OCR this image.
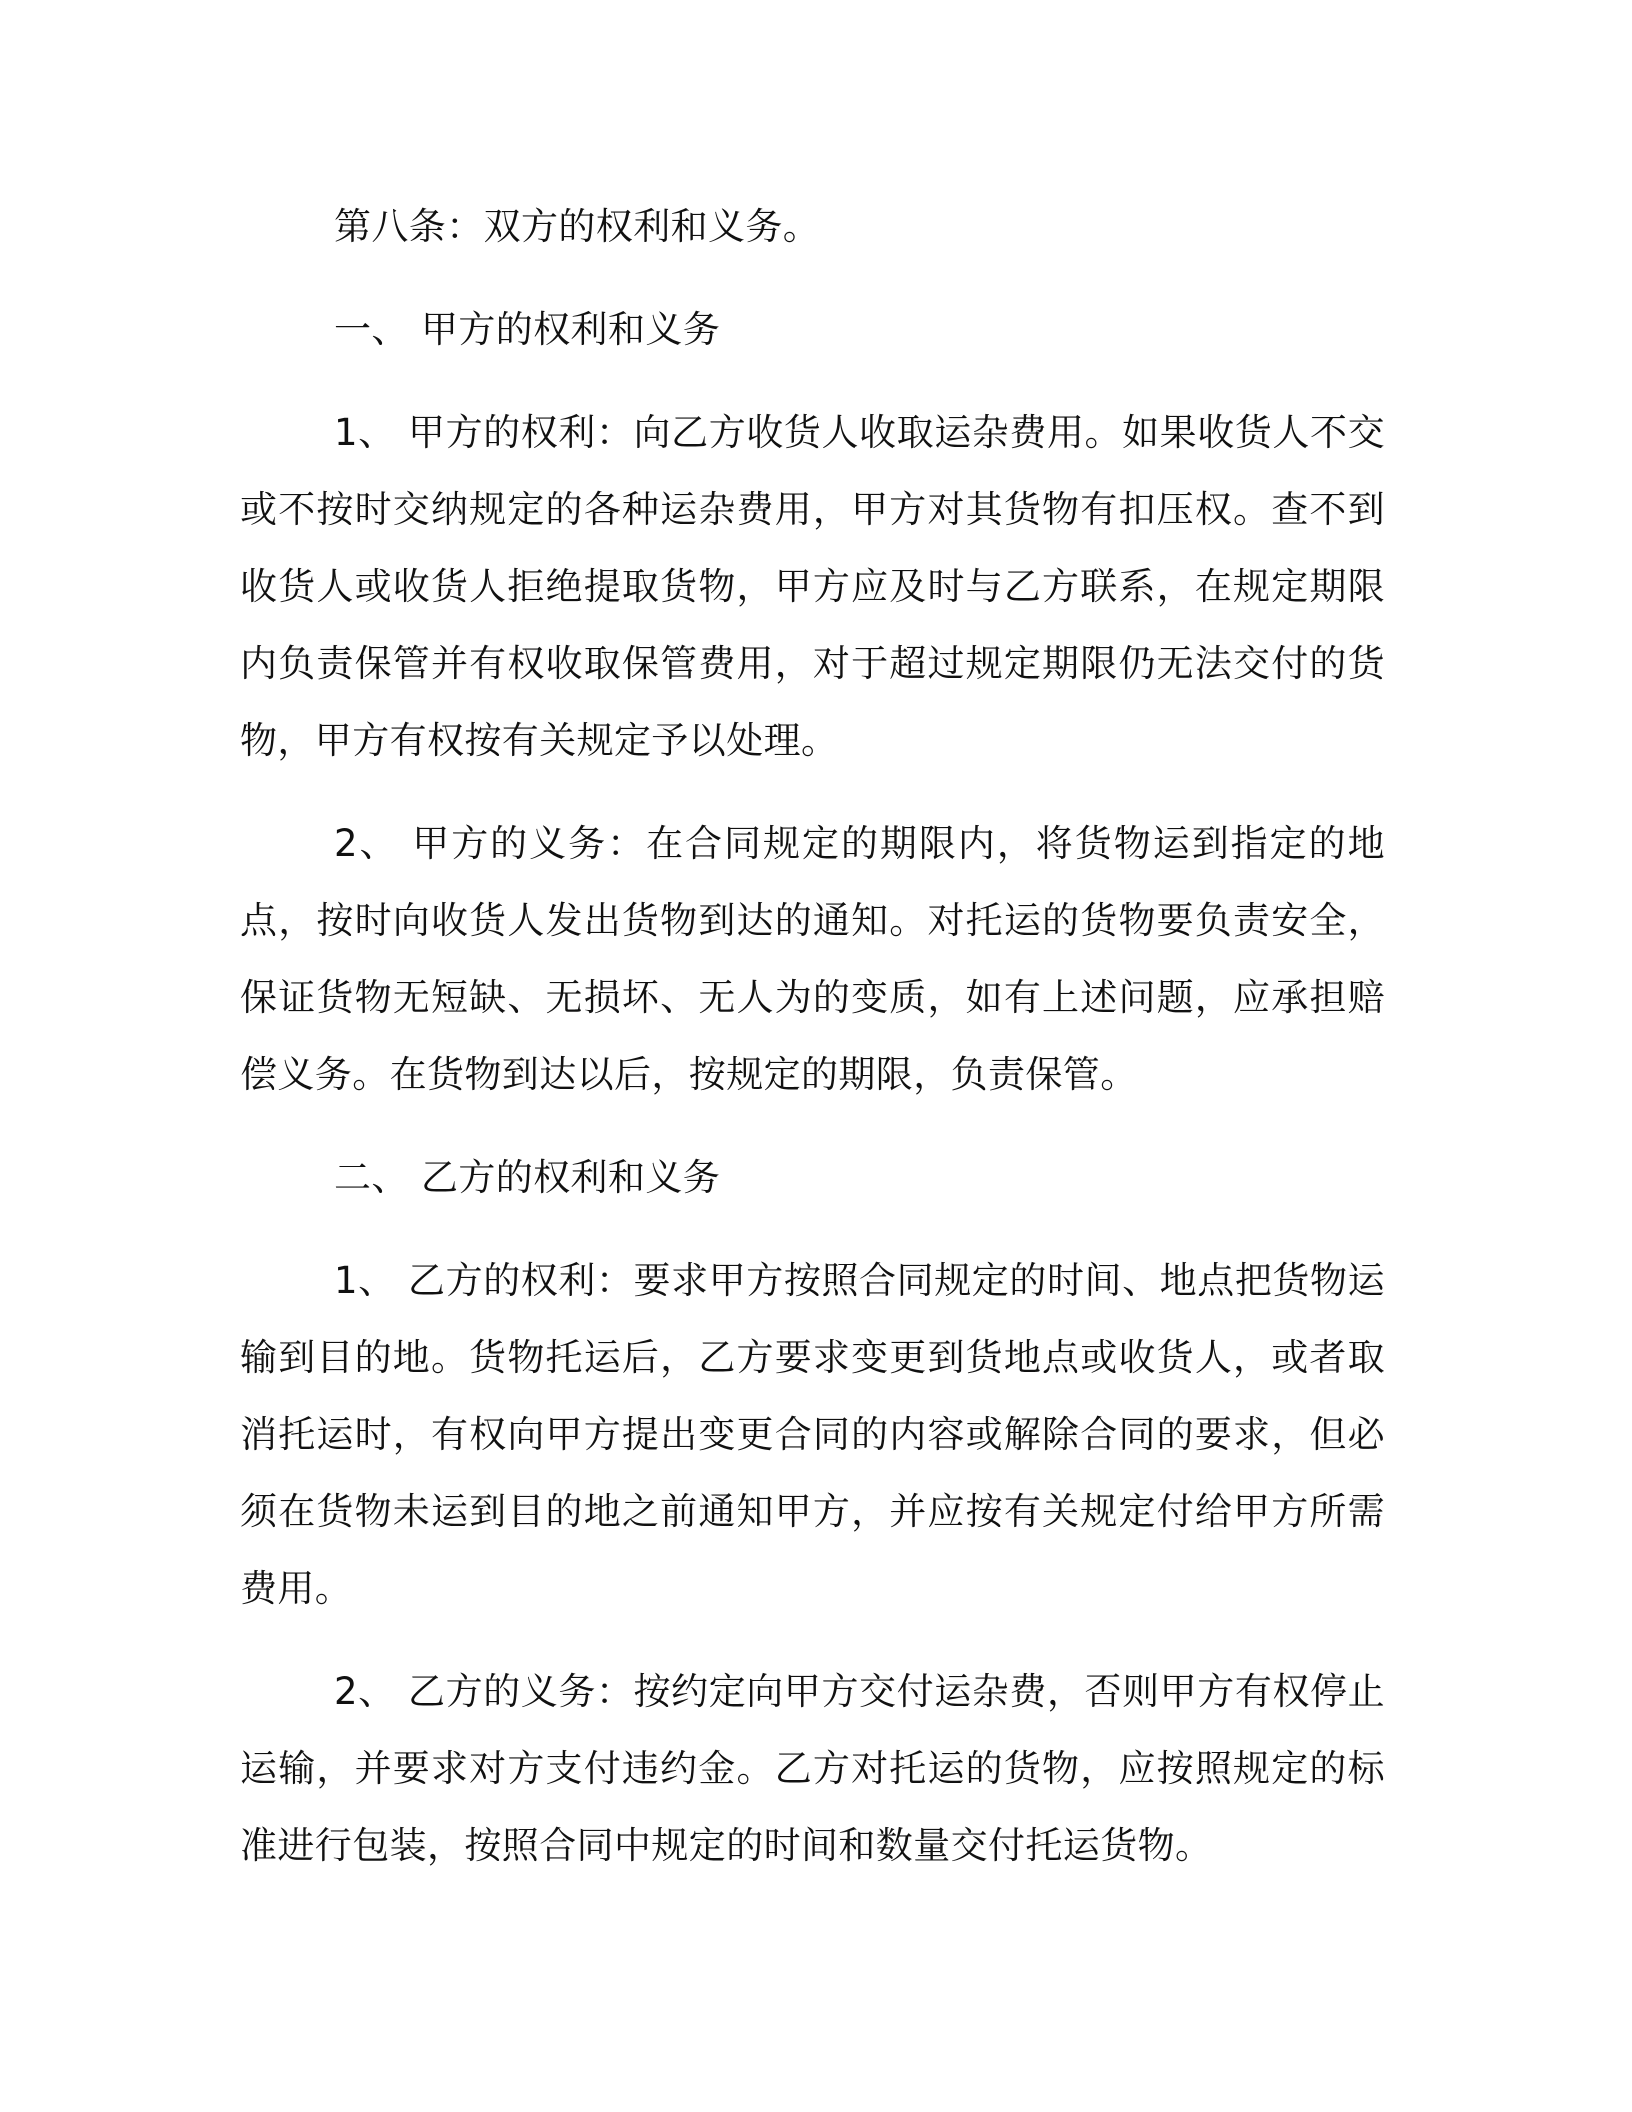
第八条：双方的权利和义务。

一、 甲方的权利和义务

1、 甲方的权利：向乙方收货人收取运杂费用。如果收货人不交或不按时交纳规定的各种运杂费用，甲方对其货物有扣压权。查不到收货人或收货人拒绝提取货物，甲方应及时与乙方联系，在规定期限内负责保管并有权收取保管费用，对于超过规定期限仍无法交付的货物，甲方有权按有关规定予以处理。

2、 甲方的义务：在合同规定的期限内，将货物运到指定的地点，按时向收货人发出货物到达的通知。对托运的货物要负责安全，保证货物无短缺、无损坏、无人为的变质，如有上述问题，应承担赔偿义务。在货物到达以后，按规定的期限，负责保管。

二、 乙方的权利和义务

1、 乙方的权利：要求甲方按照合同规定的时间、地点把货物运输到目的地。货物托运后，乙方要求变更到货地点或收货人，或者取消托运时，有权向甲方提出变更合同的内容或解除合同的要求，但必须在货物未运到目的地之前通知甲方，并应按有关规定付给甲方所需费用。

2、 乙方的义务：按约定向甲方交付运杂费，否则甲方有权停止运输，并要求对方支付违约金。乙方对托运的货物，应按照规定的标准进行包装，按照合同中规定的时间和数量交付托运货物。
